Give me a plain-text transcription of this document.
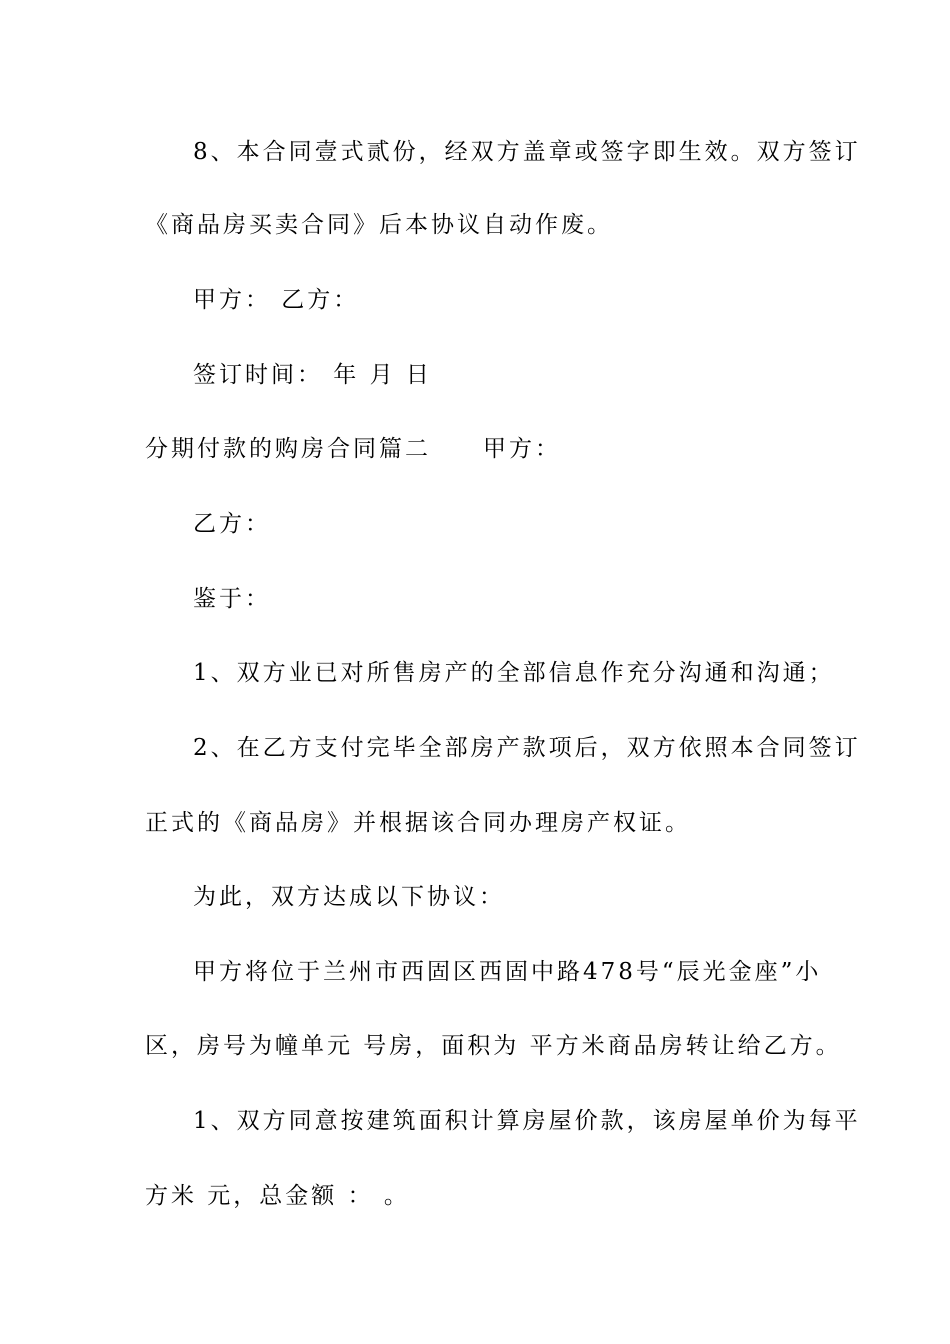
8、本合同壹式贰份，经双方盖章或签字即生效。双方签订
《商品房买卖合同》后本协议自动作废。
甲方： 乙方：
签订时间： 年 月 日
分期付款的购房合同篇二 甲方：
乙方：
鉴于：
1、双方业已对所售房产的全部信息作充分沟通和沟通；
2、在乙方支付完毕全部房产款项后，双方依照本合同签订
正式的《商品房》并根据该合同办理房产权证。
为此，双方达成以下协议：
甲方将位于兰州市西固区西固中路478号“辰光金座”小
区，房号为幢单元 号房，面积为 平方米商品房转让给乙方。
1、双方同意按建筑面积计算房屋价款，该房屋单价为每平
方米 元，总金额 ： 。
